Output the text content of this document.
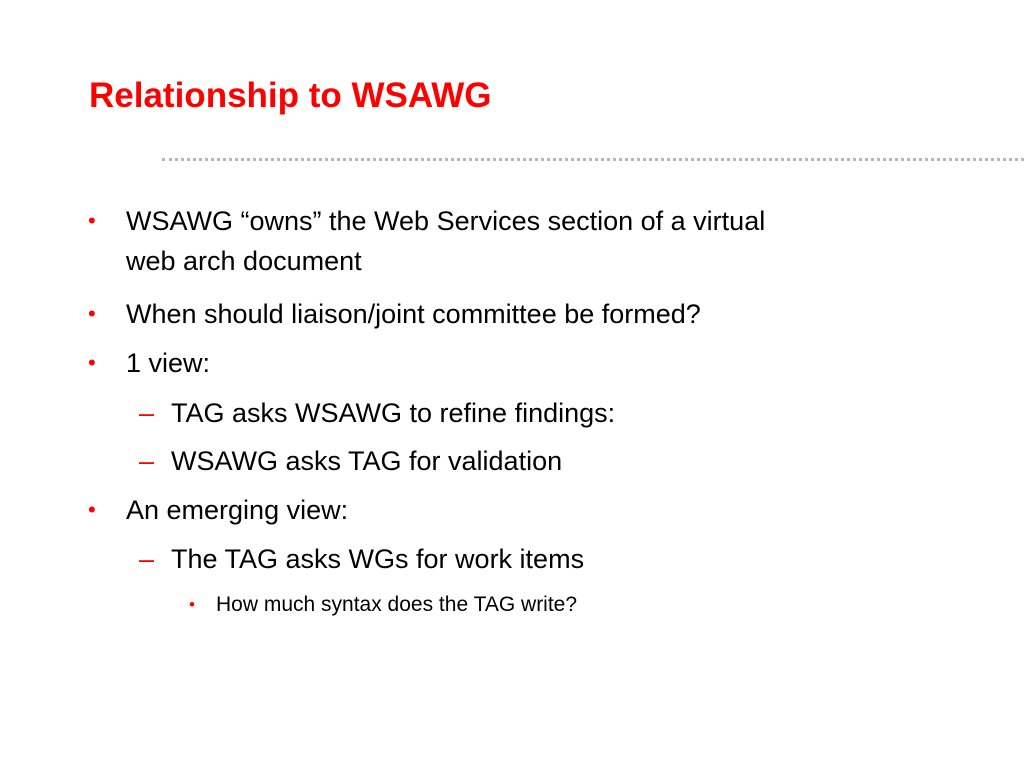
Relationship to WSAWG
• WSAWG “owns” the Web Services section of a virtual
web arch document
• When should liaison/joint committee be formed?
• 1 view:
– TAG asks WSAWG to refine findings:
– WSAWG asks TAG for validation
• An emerging view:
– The TAG asks WGs for work items
• How much syntax does the TAG write?
